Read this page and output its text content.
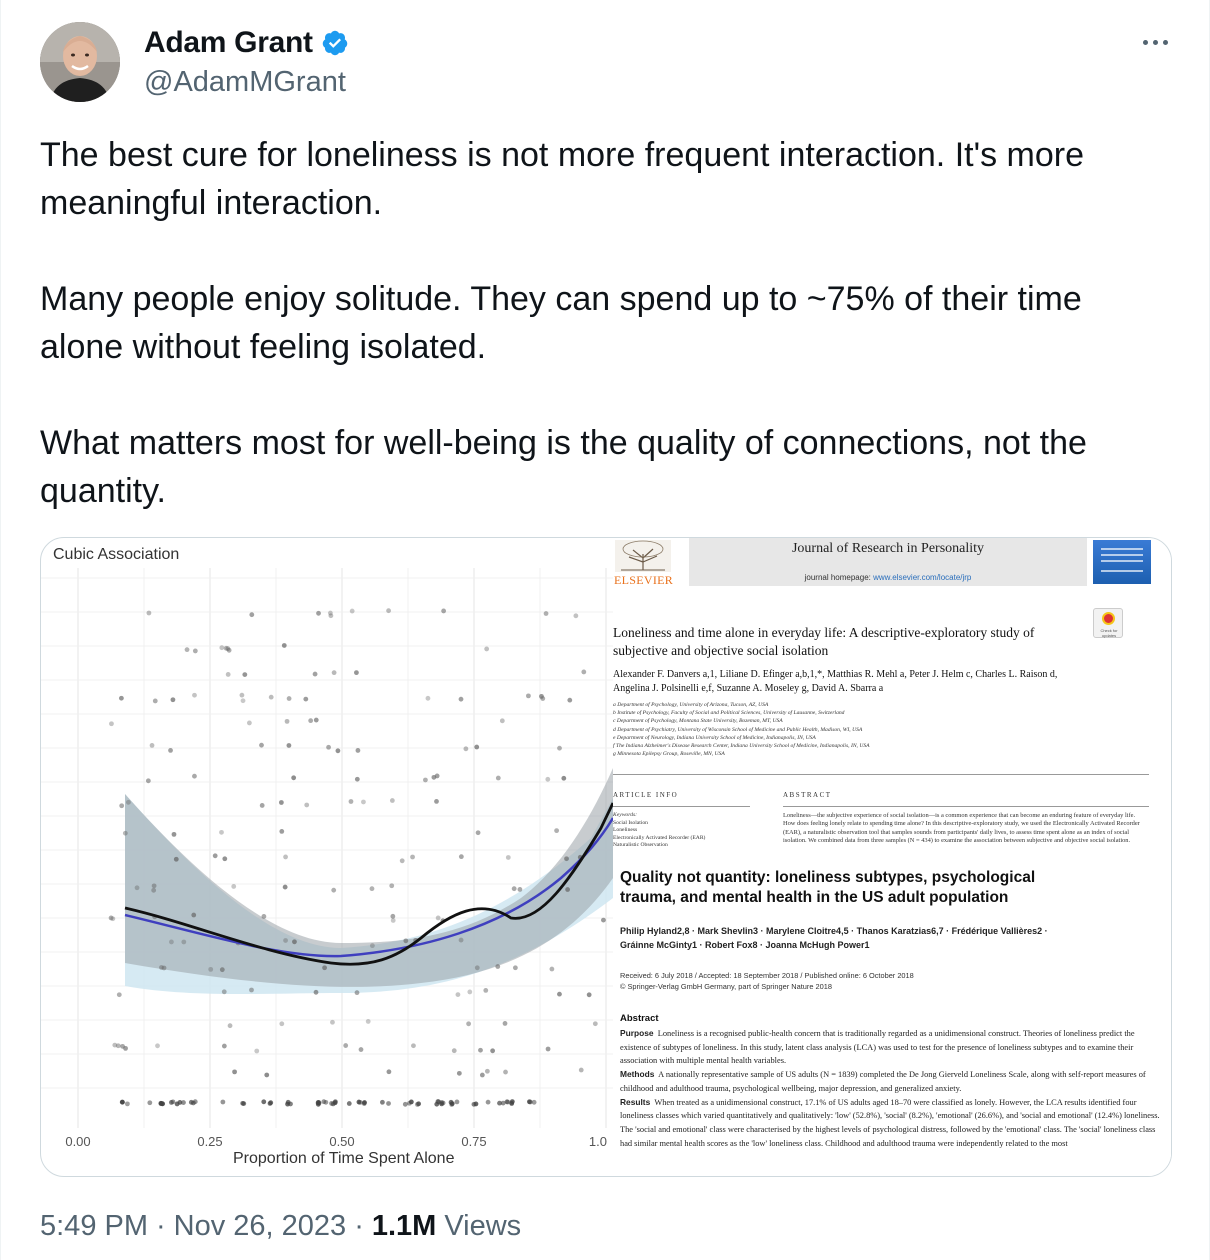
Adam Grant
@AdamMGrant

The best cure for loneliness is not more frequent interaction. It's more meaningful interaction.

Many people enjoy solitude. They can spend up to ~75% of their time alone without feeling isolated.

What matters most for well-being is the quality of connections, not the quantity.

0.00	0.25	0.50	0.75	1.0
Cubic Association
Proportion of Time Spent Alone
ELSEVIER
Journal of Research in Personality
journal homepage: www.elsevier.com/locate/jrp
Check for updates
Loneliness and time alone in everyday life: A descriptive-exploratory study of subjective and objective social isolation
Alexander F. Danvers a,1, Liliane D. Efinger a,b,1,*, Matthias R. Mehl a, Peter J. Helm c, Charles L. Raison d, Angelina J. Polsinelli e,f, Suzanne A. Moseley g, David A. Sbarra a
a Department of Psychology, University of Arizona, Tucson, AZ, USA
b Institute of Psychology, Faculty of Social and Political Sciences, University of Lausanne, Switzerland
c Department of Psychology, Montana State University, Bozeman, MT, USA
d Department of Psychiatry, University of Wisconsin School of Medicine and Public Health, Madison, WI, USA
e Department of Neurology, Indiana University School of Medicine, Indianapolis, IN, USA
f The Indiana Alzheimer's Disease Research Center, Indiana University School of Medicine, Indianapolis, IN, USA
g Minnesota Epilepsy Group, Roseville, MN, USA
ARTICLE INFO	ABSTRACT
Keywords:
Social Isolation
Loneliness
Electronically Activated Recorder (EAR)
Naturalistic Observation
Loneliness—the subjective experience of social isolation—is a common experience that can become an enduring feature of everyday life. How does feeling lonely relate to spending time alone? In this descriptive-exploratory study, we used the Electronically Activated Recorder (EAR), a naturalistic observation tool that samples sounds from participants' daily lives, to assess time spent alone as an index of social isolation. We combined data from three samples (N = 434) to examine the association between subjective and objective social isolation.
Quality not quantity: loneliness subtypes, psychological trauma, and mental health in the US adult population
Philip Hyland2,8 · Mark Shevlin3 · Marylene Cloitre4,5 · Thanos Karatzias6,7 · Frédérique Vallières2 ·
Gráinne McGinty1 · Robert Fox8 · Joanna McHugh Power1
Received: 6 July 2018 / Accepted: 18 September 2018 / Published online: 6 October 2018
© Springer-Verlag GmbH Germany, part of Springer Nature 2018
Abstract
Purpose Loneliness is a recognised public-health concern that is traditionally regarded as a unidimensional construct. Theories of loneliness predict the existence of subtypes of loneliness. In this study, latent class analysis (LCA) was used to test for the presence of loneliness subtypes and to examine their association with multiple mental health variables.
Methods A nationally representative sample of US adults (N = 1839) completed the De Jong Gierveld Loneliness Scale, along with self-report measures of childhood and adulthood trauma, psychological wellbeing, major depression, and generalized anxiety.
Results When treated as a unidimensional construct, 17.1% of US adults aged 18–70 were classified as lonely. However, the LCA results identified four loneliness classes which varied quantitatively and qualitatively: 'low' (52.8%), 'social' (8.2%), 'emotional' (26.6%), and 'social and emotional' (12.4%) loneliness. The 'social and emotional' class were characterised by the highest levels of psychological distress, followed by the 'emotional' class. The 'social' loneliness class had similar mental health scores as the 'low' loneliness class. Childhood and adulthood trauma were independently related to the most
5:49 PM · Nov 26, 2023 · 1.1M Views
